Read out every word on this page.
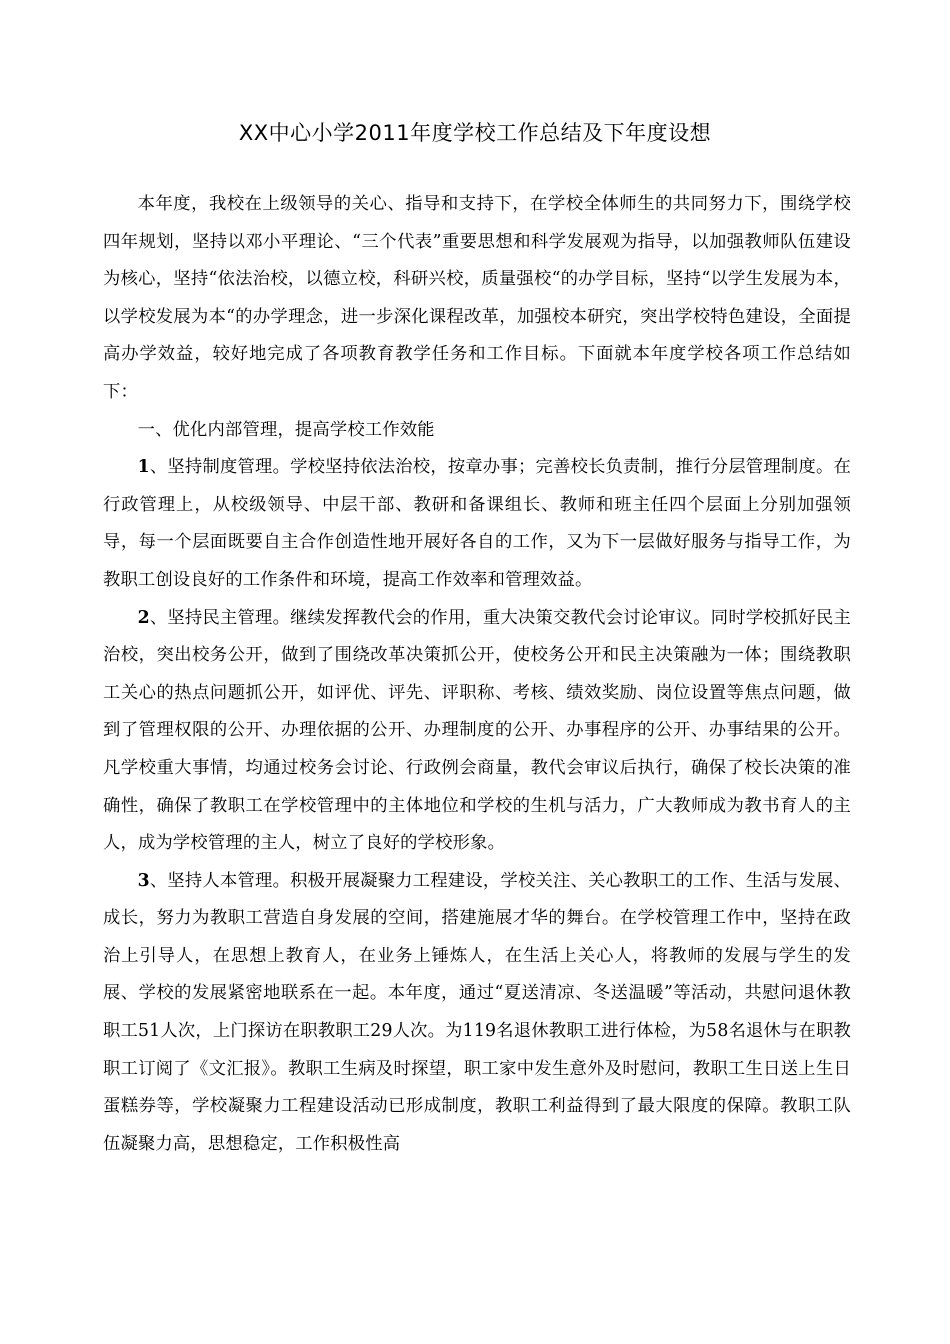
XX中心小学2011年度学校工作总结及下年度设想

本年度，我校在上级领导的关心、指导和支持下，在学校全体师生的共同努力下，围绕学校四年规划，坚持以邓小平理论、“三个代表”重要思想和科学发展观为指导，以加强教师队伍建设为核心，坚持“依法治校，以德立校，科研兴校，质量强校“的办学目标，坚持“以学生发展为本，以学校发展为本“的办学理念，进一步深化课程改革，加强校本研究，突出学校特色建设，全面提高办学效益，较好地完成了各项教育教学任务和工作目标。下面就本年度学校各项工作总结如下：

一、优化内部管理，提高学校工作效能

1、坚持制度管理。学校坚持依法治校，按章办事；完善校长负责制，推行分层管理制度。在行政管理上，从校级领导、中层干部、教研和备课组长、教师和班主任四个层面上分别加强领导，每一个层面既要自主合作创造性地开展好各自的工作，又为下一层做好服务与指导工作，为教职工创设良好的工作条件和环境，提高工作效率和管理效益。

2、坚持民主管理。继续发挥教代会的作用，重大决策交教代会讨论审议。同时学校抓好民主治校，突出校务公开，做到了围绕改革决策抓公开，使校务公开和民主决策融为一体；围绕教职工关心的热点问题抓公开，如评优、评先、评职称、考核、绩效奖励、岗位设置等焦点问题，做到了管理权限的公开、办理依据的公开、办理制度的公开、办事程序的公开、办事结果的公开。凡学校重大事情，均通过校务会讨论、行政例会商量，教代会审议后执行，确保了校长决策的准确性，确保了教职工在学校管理中的主体地位和学校的生机与活力，广大教师成为教书育人的主人，成为学校管理的主人，树立了良好的学校形象。

3、坚持人本管理。积极开展凝聚力工程建设，学校关注、关心教职工的工作、生活与发展、成长，努力为教职工营造自身发展的空间，搭建施展才华的舞台。在学校管理工作中，坚持在政治上引导人，在思想上教育人，在业务上锤炼人，在生活上关心人，将教师的发展与学生的发展、学校的发展紧密地联系在一起。本年度，通过“夏送清凉、冬送温暖”等活动，共慰问退休教职工51人次，上门探访在职教职工29人次。为119名退休教职工进行体检，为58名退休与在职教职工订阅了《文汇报》。教职工生病及时探望，职工家中发生意外及时慰问，教职工生日送上生日蛋糕券等，学校凝聚力工程建设活动已形成制度，教职工利益得到了最大限度的保障。教职工队伍凝聚力高，思想稳定，工作积极性高
